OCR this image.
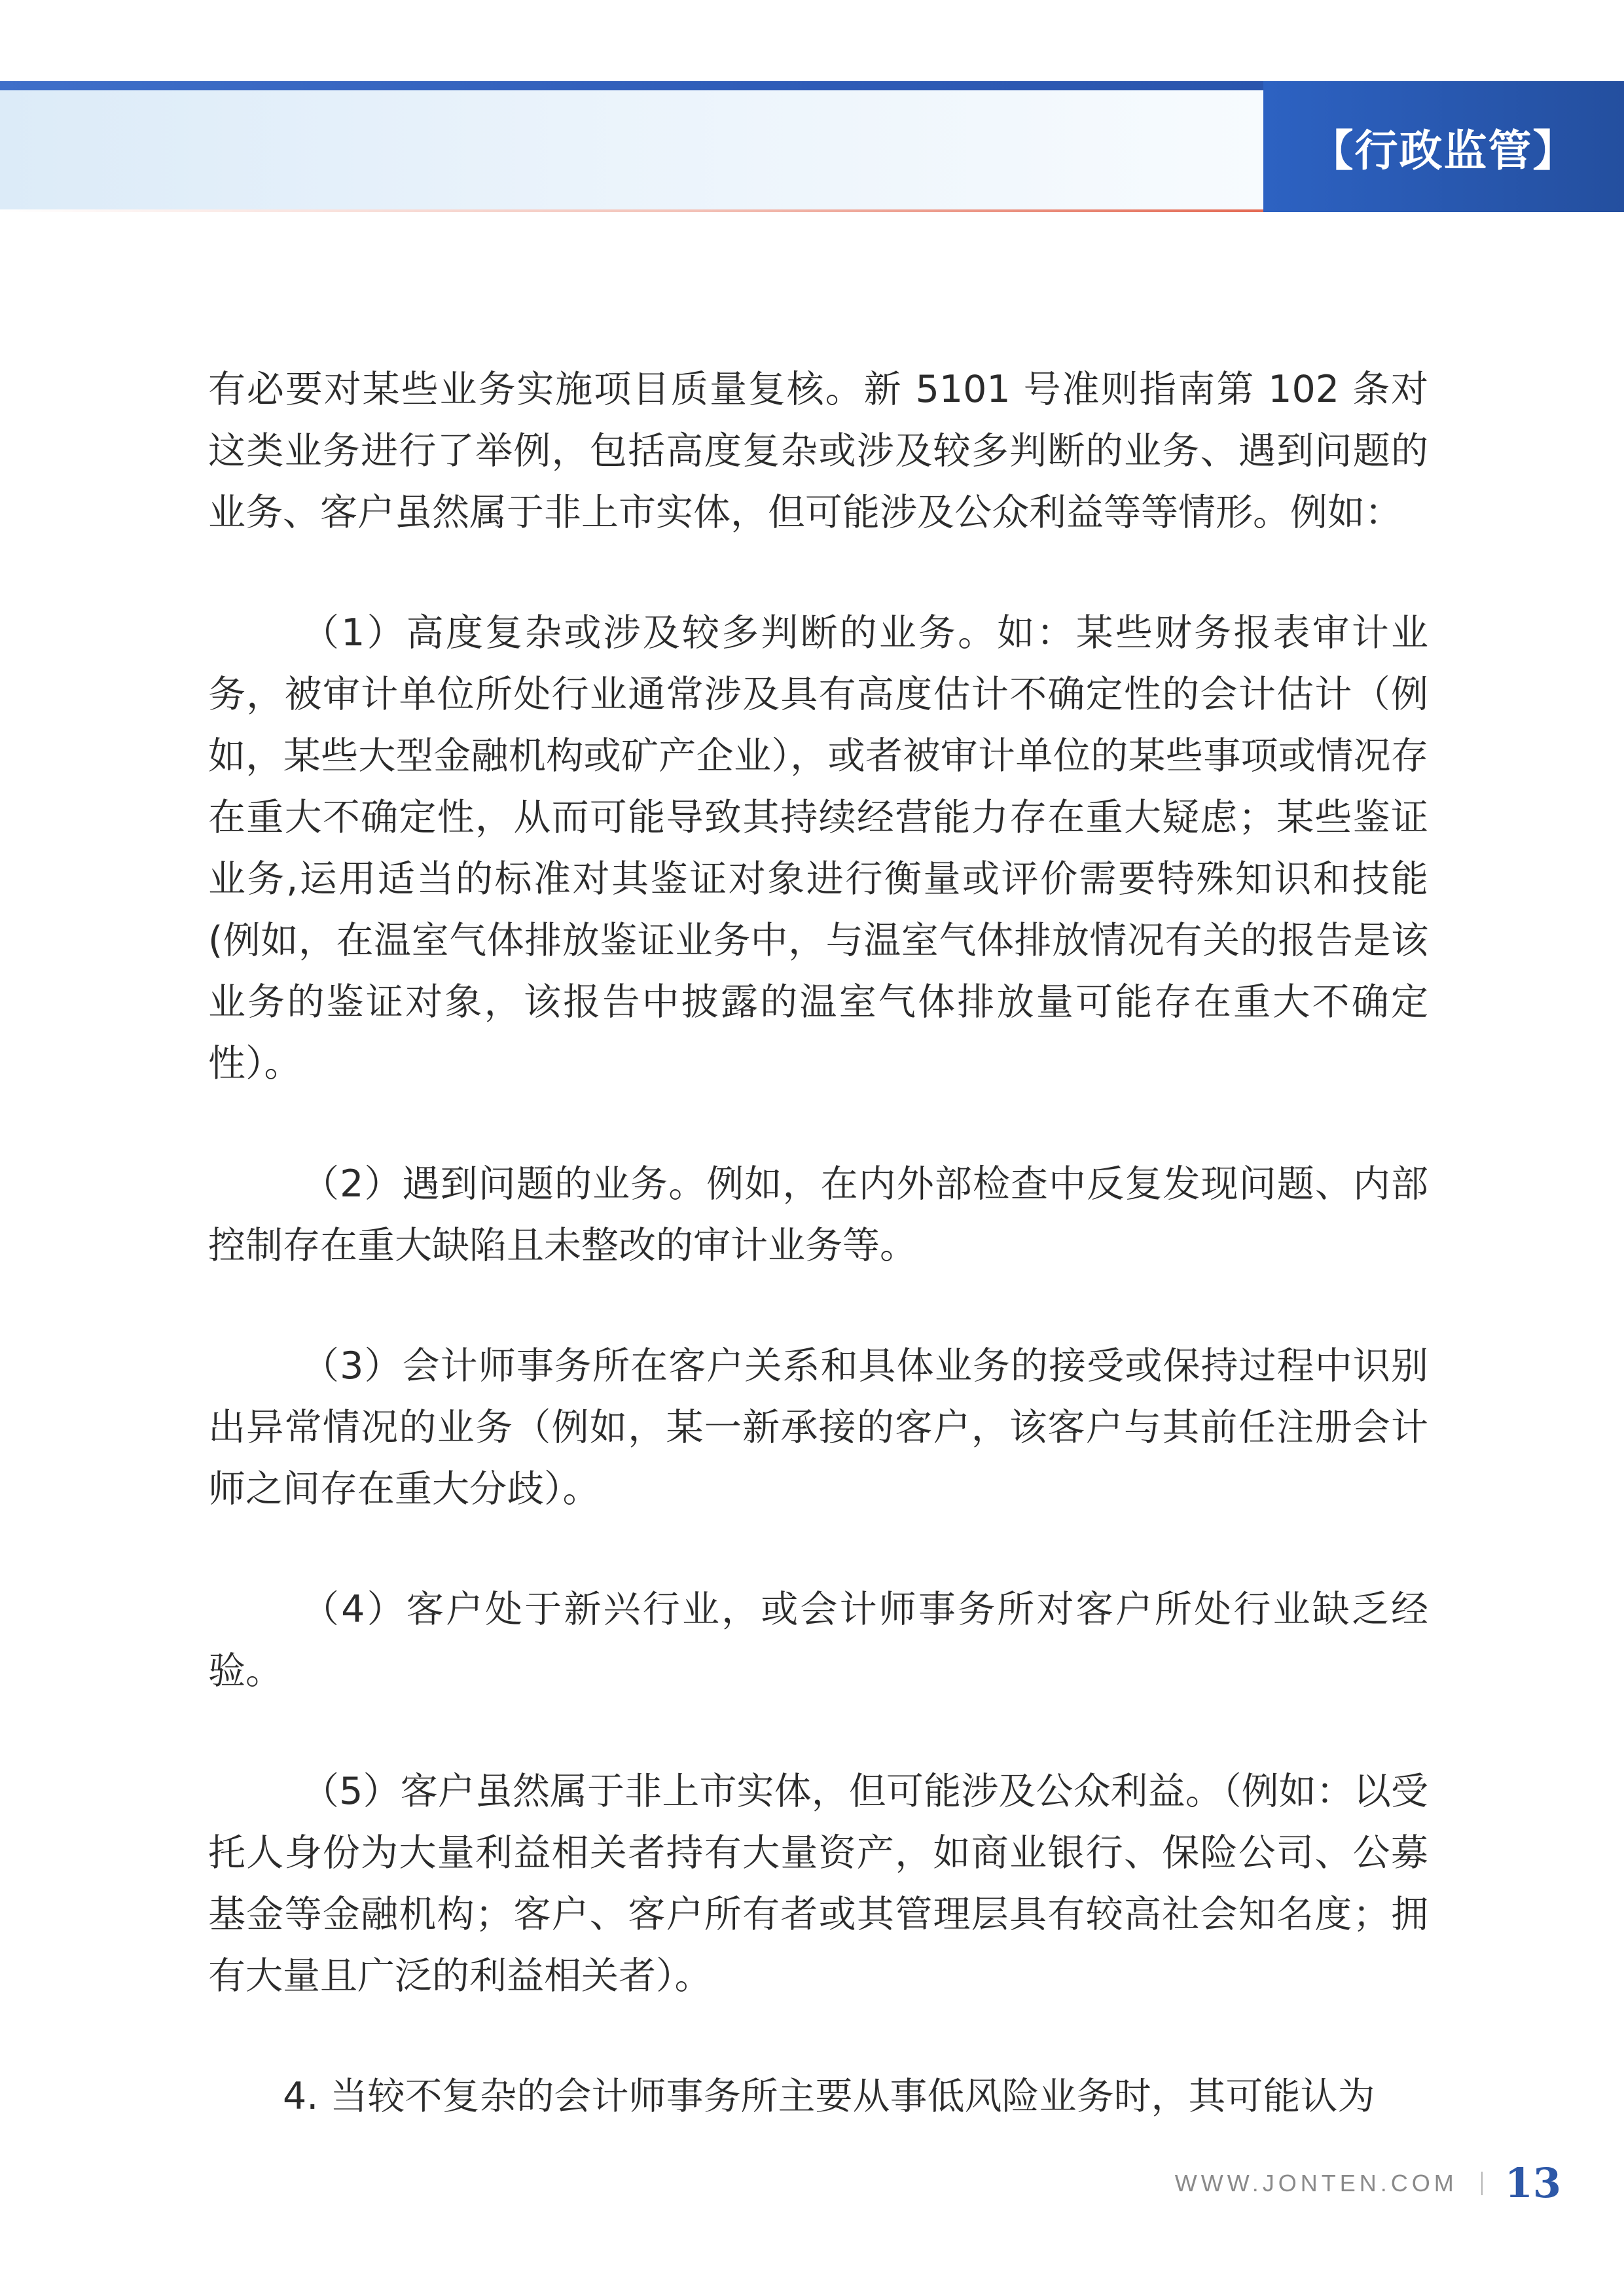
【行政监管】

有必要对某些业务实施项目质量复核。新 5101 号准则指南第 102 条对这类业务进行了举例，包括高度复杂或涉及较多判断的业务、遇到问题的业务、客户虽然属于非上市实体，但可能涉及公众利益等等情形。例如：

（1）高度复杂或涉及较多判断的业务。如：某些财务报表审计业务，被审计单位所处行业通常涉及具有高度估计不确定性的会计估计（例如，某些大型金融机构或矿产企业），或者被审计单位的某些事项或情况存在重大不确定性，从而可能导致其持续经营能力存在重大疑虑；某些鉴证业务,运用适当的标准对其鉴证对象进行衡量或评价需要特殊知识和技能(例如，在温室气体排放鉴证业务中，与温室气体排放情况有关的报告是该业务的鉴证对象，该报告中披露的温室气体排放量可能存在重大不确定性）。

（2）遇到问题的业务。例如，在内外部检查中反复发现问题、内部控制存在重大缺陷且未整改的审计业务等。

（3）会计师事务所在客户关系和具体业务的接受或保持过程中识别出异常情况的业务（例如，某一新承接的客户，该客户与其前任注册会计师之间存在重大分歧）。

（4）客户处于新兴行业，或会计师事务所对客户所处行业缺乏经验。

（5）客户虽然属于非上市实体，但可能涉及公众利益。（例如：以受托人身份为大量利益相关者持有大量资产，如商业银行、保险公司、公募基金等金融机构；客户、客户所有者或其管理层具有较高社会知名度；拥有大量且广泛的利益相关者）。

4. 当较不复杂的会计师事务所主要从事低风险业务时，其可能认为

WWW.JONTEN.COM 13
